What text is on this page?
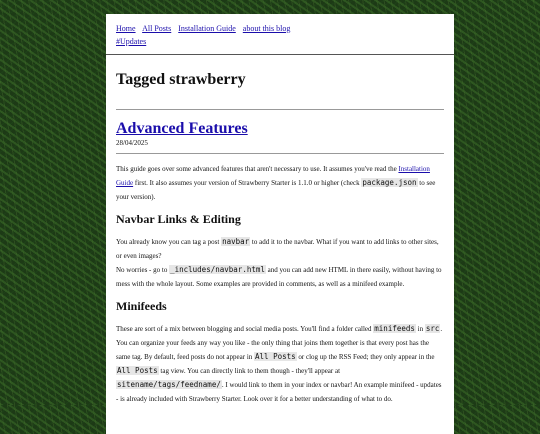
Home All Posts Installation Guide about this blog
#Updates
Tagged strawberry
Advanced Features
28/04/2025

This guide goes over some advanced features that aren't necessary to use. It assumes you've read the Installation Guide first. It also assumes your version of Strawberry Starter is 1.1.0 or higher (check package.json to see your version).

Navbar Links & Editing

You already know you can tag a post navbar to add it to the navbar. What if you want to add links to other sites, or even images?
No worries - go to _includes/navbar.html and you can add new HTML in there easily, without having to mess with the whole layout. Some examples are provided in comments, as well as a minifeed example.

Minifeeds

These are sort of a mix between blogging and social media posts. You'll find a folder called minifeeds in src. You can organize your feeds any way you like - the only thing that joins them together is that every post has the same tag. By default, feed posts do not appear in All Posts or clog up the RSS Feed; they only appear in the All Posts tag view. You can directly link to them though - they'll appear at sitename/tags/feedname/. I would link to them in your index or navbar! An example minifeed - updates - is already included with Strawberry Starter. Look over it for a better understanding of what to do.
